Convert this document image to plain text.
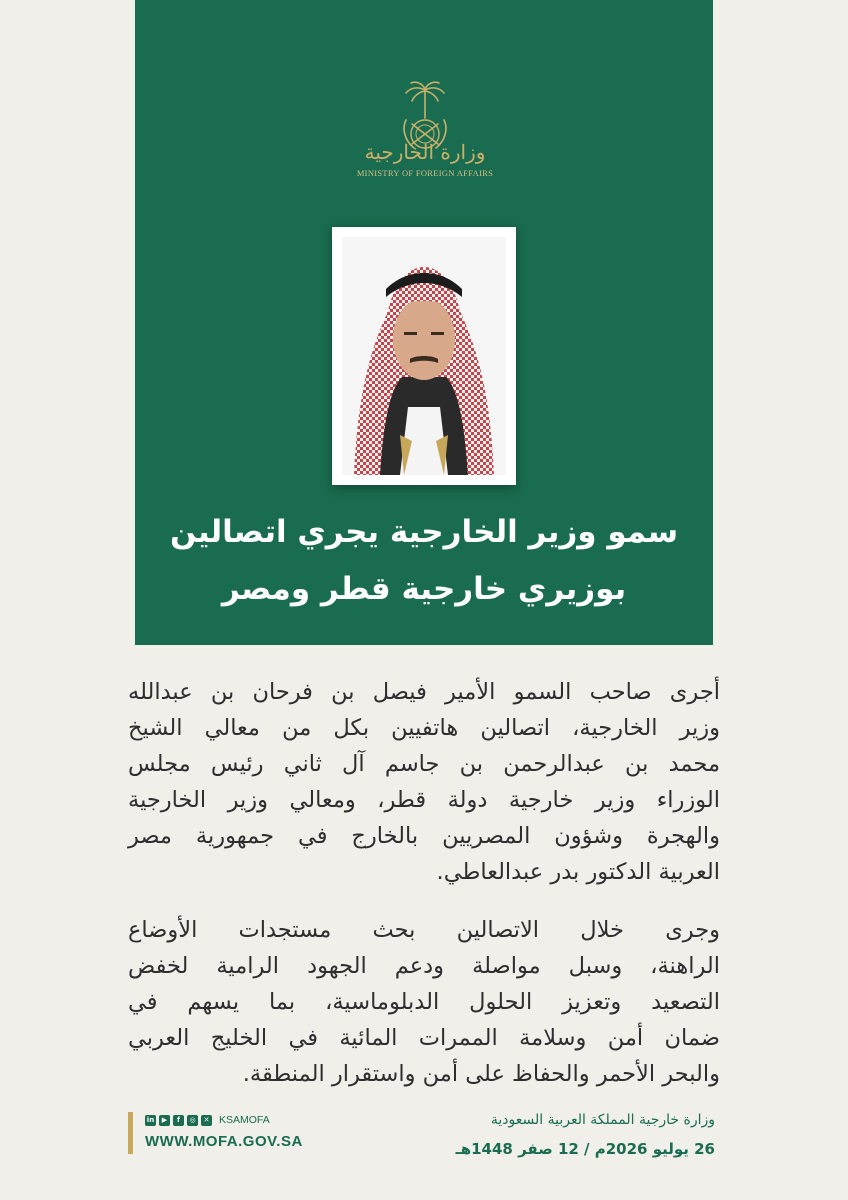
وزارة الخارجية
MINISTRY OF FOREIGN AFFAIRS
سمو وزير الخارجية يجري اتصالين
بوزيري خارجية قطر ومصر
أجرى صاحب السمو الأمير فيصل بن فرحان بن عبدالله
وزير الخارجية، اتصالين هاتفيين بكل من معالي الشيخ
محمد بن عبدالرحمن بن جاسم آل ثاني رئيس مجلس
الوزراء وزير خارجية دولة قطر، ومعالي وزير الخارجية
والهجرة وشؤون المصريين بالخارج في جمهورية مصر
العربية الدكتور بدر عبدالعاطي.
وجرى خلال الاتصالين بحث مستجدات الأوضاع
الراهنة، وسبل مواصلة ودعم الجهود الرامية لخفض
التصعيد وتعزيز الحلول الدبلوماسية، بما يسهم في
ضمان أمن وسلامة الممرات المائية في الخليج العربي
والبحر الأحمر والحفاظ على أمن واستقرار المنطقة.
in	▶	f	◎	✕ KSAMOFA
WWW.MOFA.GOV.SA
وزارة خارجية المملكة العربية السعودية
26 يوليو 2026م / 12 صفر 1448هـ
